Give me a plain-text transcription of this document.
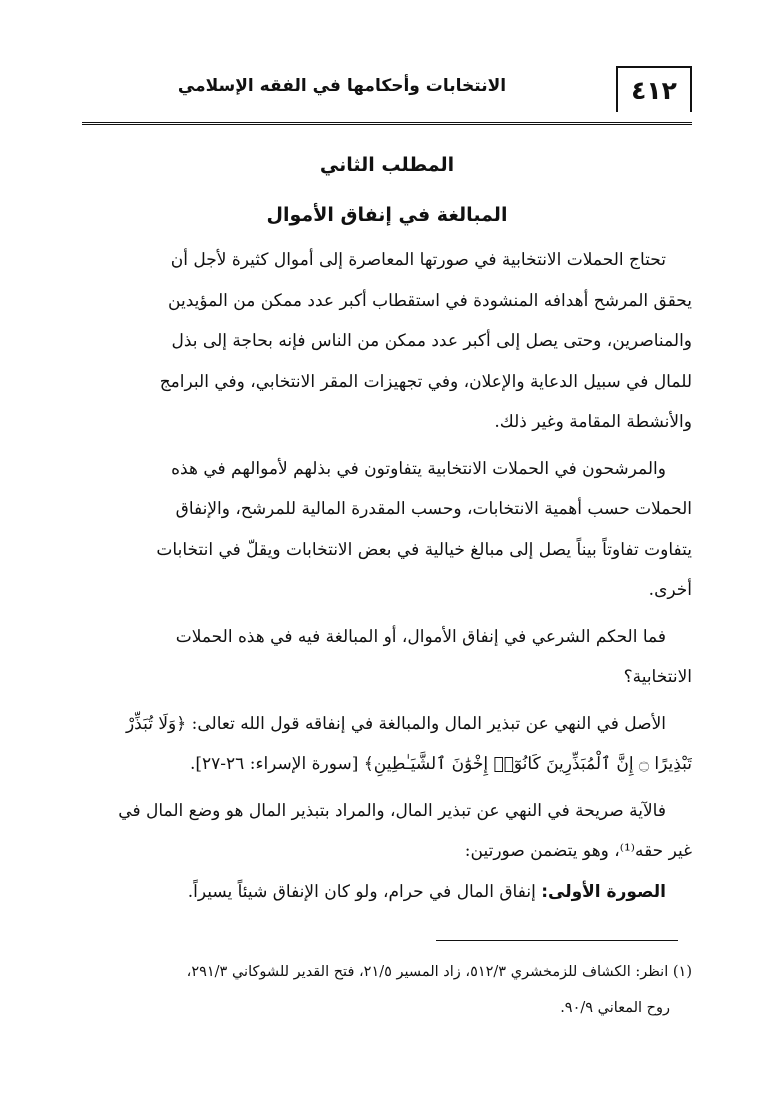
٤١٢
الانتخابات وأحكامها في الفقه الإسلامي
المطلب الثاني
المبالغة في إنفاق الأموال
تحتاج الحملات الانتخابية في صورتها المعاصرة إلى أموال كثيرة لأجل أن
يحقق المرشح أهدافه المنشودة في استقطاب أكبر عدد ممكن من المؤيدين
والمناصرين، وحتى يصل إلى أكبر عدد ممكن من الناس فإنه بحاجة إلى بذل
للمال في سبيل الدعاية والإعلان، وفي تجهيزات المقر الانتخابي، وفي البرامج
والأنشطة المقامة وغير ذلك.
والمرشحون في الحملات الانتخابية يتفاوتون في بذلهم لأموالهم في هذه
الحملات حسب أهمية الانتخابات، وحسب المقدرة المالية للمرشح، والإنفاق
يتفاوت تفاوتاً بيناً يصل إلى مبالغ خيالية في بعض الانتخابات ويقلّ في انتخابات
أخرى.
فما الحكم الشرعي في إنفاق الأموال، أو المبالغة فيه في هذه الحملات
الانتخابية؟
الأصل في النهي عن تبذير المال والمبالغة في إنفاقه قول الله تعالى: ﴿وَلَا تُبَذِّرْ
تَبْذِيرًا ۝ إِنَّ ٱلْمُبَذِّرِينَ كَانُوٓا۟ إِخْوَٰنَ ٱلشَّيَـٰطِينِ﴾ [سورة الإسراء: ٢٦-٢٧].
فالآية صريحة في النهي عن تبذير المال، والمراد بتبذير المال هو وضع المال في
غير حقه⁽¹⁾، وهو يتضمن صورتين:
الصورة الأولى: إنفاق المال في حرام، ولو كان الإنفاق شيئاً يسيراً.
(١) انظر: الكشاف للزمخشري ٥١٢/٣، زاد المسير ٢١/٥، فتح القدير للشوكاني ٢٩١/٣،
روح المعاني ٩٠/٩.
